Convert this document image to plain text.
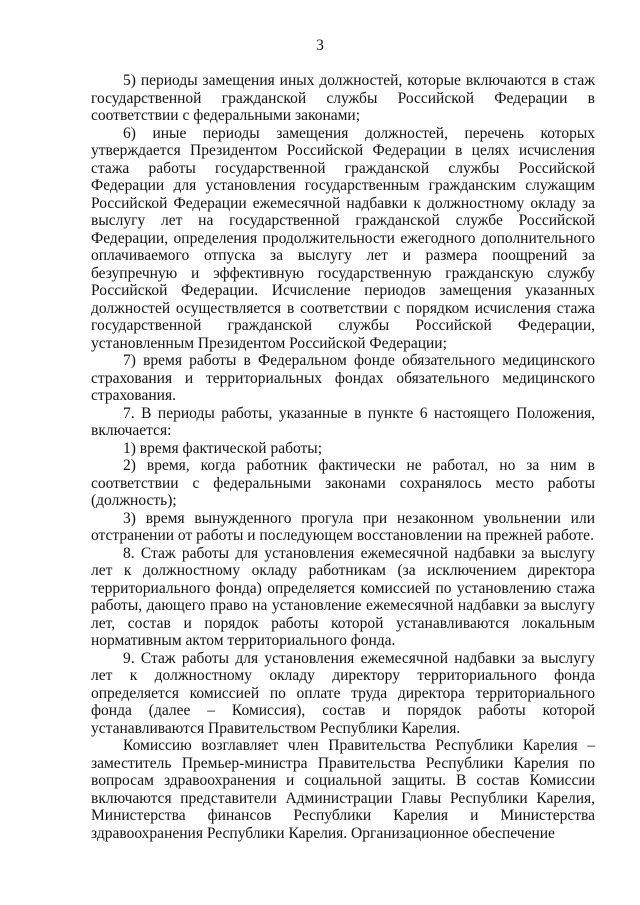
3

5) периоды замещения иных должностей, которые включаются в стаж государственной гражданской службы Российской Федерации в соответствии с федеральными законами;

6) иные периоды замещения должностей, перечень которых утверждается Президентом Российской Федерации в целях исчисления стажа работы государственной гражданской службы Российской Федерации для установления государственным гражданским служащим Российской Федерации ежемесячной надбавки к должностному окладу за выслугу лет на государственной гражданской службе Российской Федерации, определения продолжительности ежегодного дополнительного оплачиваемого отпуска за выслугу лет и размера поощрений за безупречную и эффективную государственную гражданскую службу Российской Федерации. Исчисление периодов замещения указанных должностей осуществляется в соответствии с порядком исчисления стажа государственной гражданской службы Российской Федерации, установленным Президентом Российской Федерации;

7) время работы в Федеральном фонде обязательного медицинского страхования и территориальных фондах обязательного медицинского страхования.

7. В периоды работы, указанные в пункте 6 настоящего Положения, включается:

1) время фактической работы;

2) время, когда работник фактически не работал, но за ним в соответствии с федеральными законами сохранялось место работы (должность);

3) время вынужденного прогула при незаконном увольнении или отстранении от работы и последующем восстановлении на прежней работе.

8. Стаж работы для установления ежемесячной надбавки за выслугу лет к должностному окладу работникам (за исключением директора территориального фонда) определяется комиссией по установлению стажа работы, дающего право на установление ежемесячной надбавки за выслугу лет, состав и порядок работы которой устанавливаются локальным нормативным актом территориального фонда.

9. Стаж работы для установления ежемесячной надбавки за выслугу лет к должностному окладу директору территориального фонда определяется комиссией по оплате труда директора территориального фонда (далее – Комиссия), состав и порядок работы которой устанавливаются Правительством Республики Карелия.

Комиссию возглавляет член Правительства Республики Карелия – заместитель Премьер-министра Правительства Республики Карелия по вопросам здравоохранения и социальной защиты. В состав Комиссии включаются представители Администрации Главы Республики Карелия, Министерства финансов Республики Карелия и Министерства здравоохранения Республики Карелия. Организационное обеспечение
